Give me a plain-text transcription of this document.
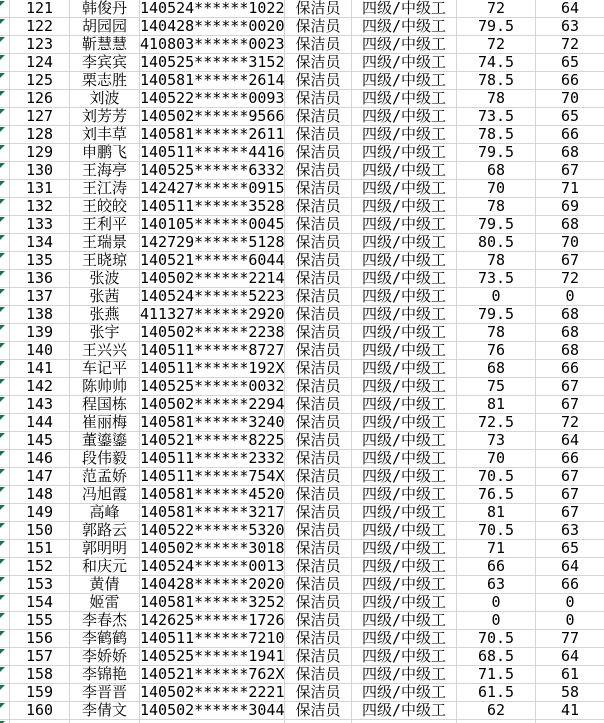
121	韩俊丹 140524******1022 保洁员	四级/中级工	72	64
122	胡园园 140428******0020 保洁员	四级/中级工	79.5	63
123	靳慧慧 410803******0023 保洁员	四级/中级工	72	72
124	李宾宾 140525******3152 保洁员	四级/中级工	74.5	65
125	栗志胜 140581******2614 保洁员	四级/中级工	78.5	66
126	刘波	140522******0093 保洁员	四级/中级工	78	70
127	刘芳芳 140502******9566 保洁员	四级/中级工	73.5	65
128	刘丰草 140581******2611 保洁员	四级/中级工	78.5	66
129	申鹏飞 140511******4416 保洁员	四级/中级工	79.5	68
130	王海亭 140525******6332 保洁员	四级/中级工	68	67
131	王江涛 142427******0915 保洁员	四级/中级工	70	71
132	王皎皎 140511******3528 保洁员	四级/中级工	78	69
133	王利平 140105******0045 保洁员	四级/中级工	79.5	68
134	王瑞景 142729******5128 保洁员	四级/中级工	80.5	70
135	王晓琼 140521******6044 保洁员	四级/中级工	78	67
136	张波	140502******2214 保洁员	四级/中级工	73.5	72
137	张茜	140524******5223 保洁员	四级/中级工	0	0
138	张燕	411327******2920 保洁员	四级/中级工	79.5	68
139	张宇	140502******2238 保洁员	四级/中级工	78	68
140	王兴兴 140511******8727 保洁员	四级/中级工	76	68
141	车记平 140511******192X 保洁员	四级/中级工	68	66
142	陈帅帅 140525******0032 保洁员	四级/中级工	75	67
143	程国栋 140502******2294 保洁员	四级/中级工	81	67
144	崔丽梅 140581******3240 保洁员	四级/中级工	72.5	72
145	董鎏鎏 140521******8225 保洁员	四级/中级工	73	64
146	段伟毅 140511******2332 保洁员	四级/中级工	70	66
147	范孟娇 140511******754X 保洁员	四级/中级工	70.5	67
148	冯旭霞 140581******4520 保洁员	四级/中级工	76.5	67
149	高峰	140581******3217 保洁员	四级/中级工	81	67
150	郭路云 140522******5320 保洁员	四级/中级工	70.5	63
151	郭明明 140502******3018 保洁员	四级/中级工	71	65
152	和庆元 140524******0013 保洁员	四级/中级工	66	64
153	黄倩	140428******2020 保洁员	四级/中级工	63	66
154	姬雷	140581******3252 保洁员	四级/中级工	0	0
155	李春杰 142625******1726 保洁员	四级/中级工	0	0
156	李鹤鹤 140511******7210 保洁员	四级/中级工	70.5	77
157	李娇娇 140525******1941 保洁员	四级/中级工	68.5	64
158	李锦艳 140521******762X 保洁员	四级/中级工	71.5	61
159	李晋晋 140502******2221 保洁员	四级/中级工	61.5	58
160	李倩文 140502******3044 保洁员	四级/中级工	62	41
